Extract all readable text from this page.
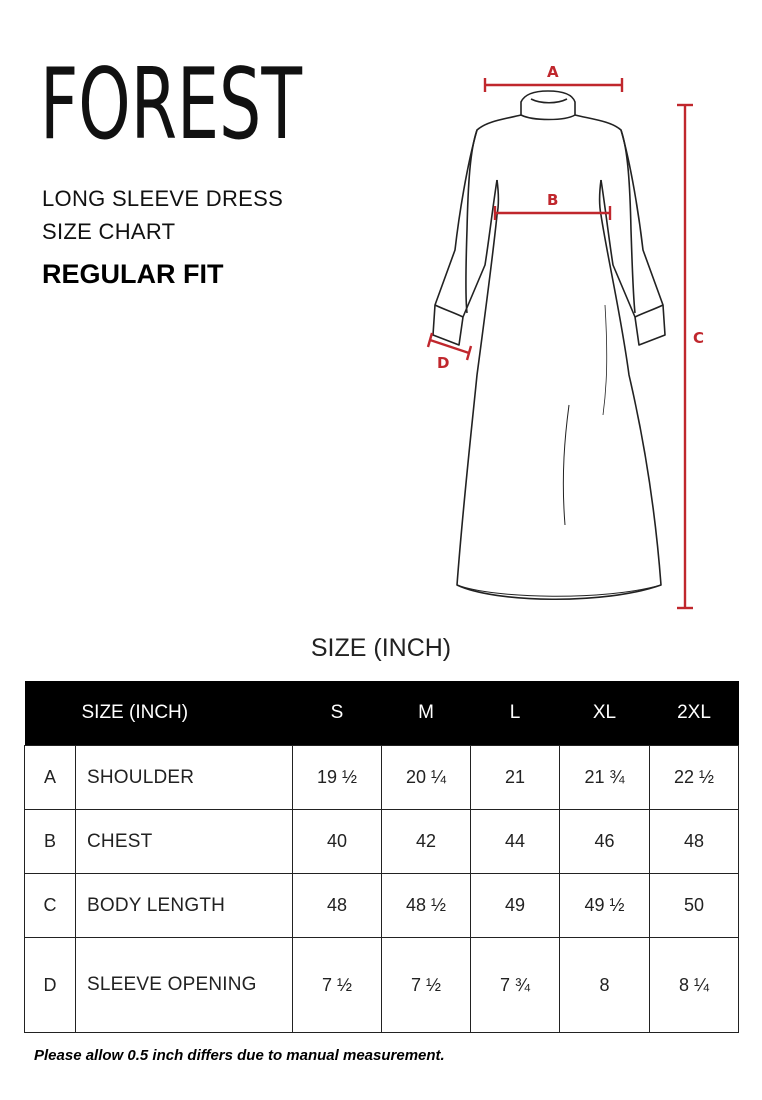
FOREST
LONG SLEEVE DRESS
SIZE CHART
REGULAR FIT
A
B
C
D
SIZE (INCH)
	SIZE (INCH)	S	M	L	XL	2XL
A	SHOULDER	19 ½	20 ¼	21	21 ¾	22 ½
B	CHEST	40	42	44	46	48
C	BODY LENGTH	48	48 ½	49	49 ½	50
D	SLEEVE OPENING	7 ½	7 ½	7 ¾	8	8 ¼
Please allow 0.5 inch differs due to manual measurement.
